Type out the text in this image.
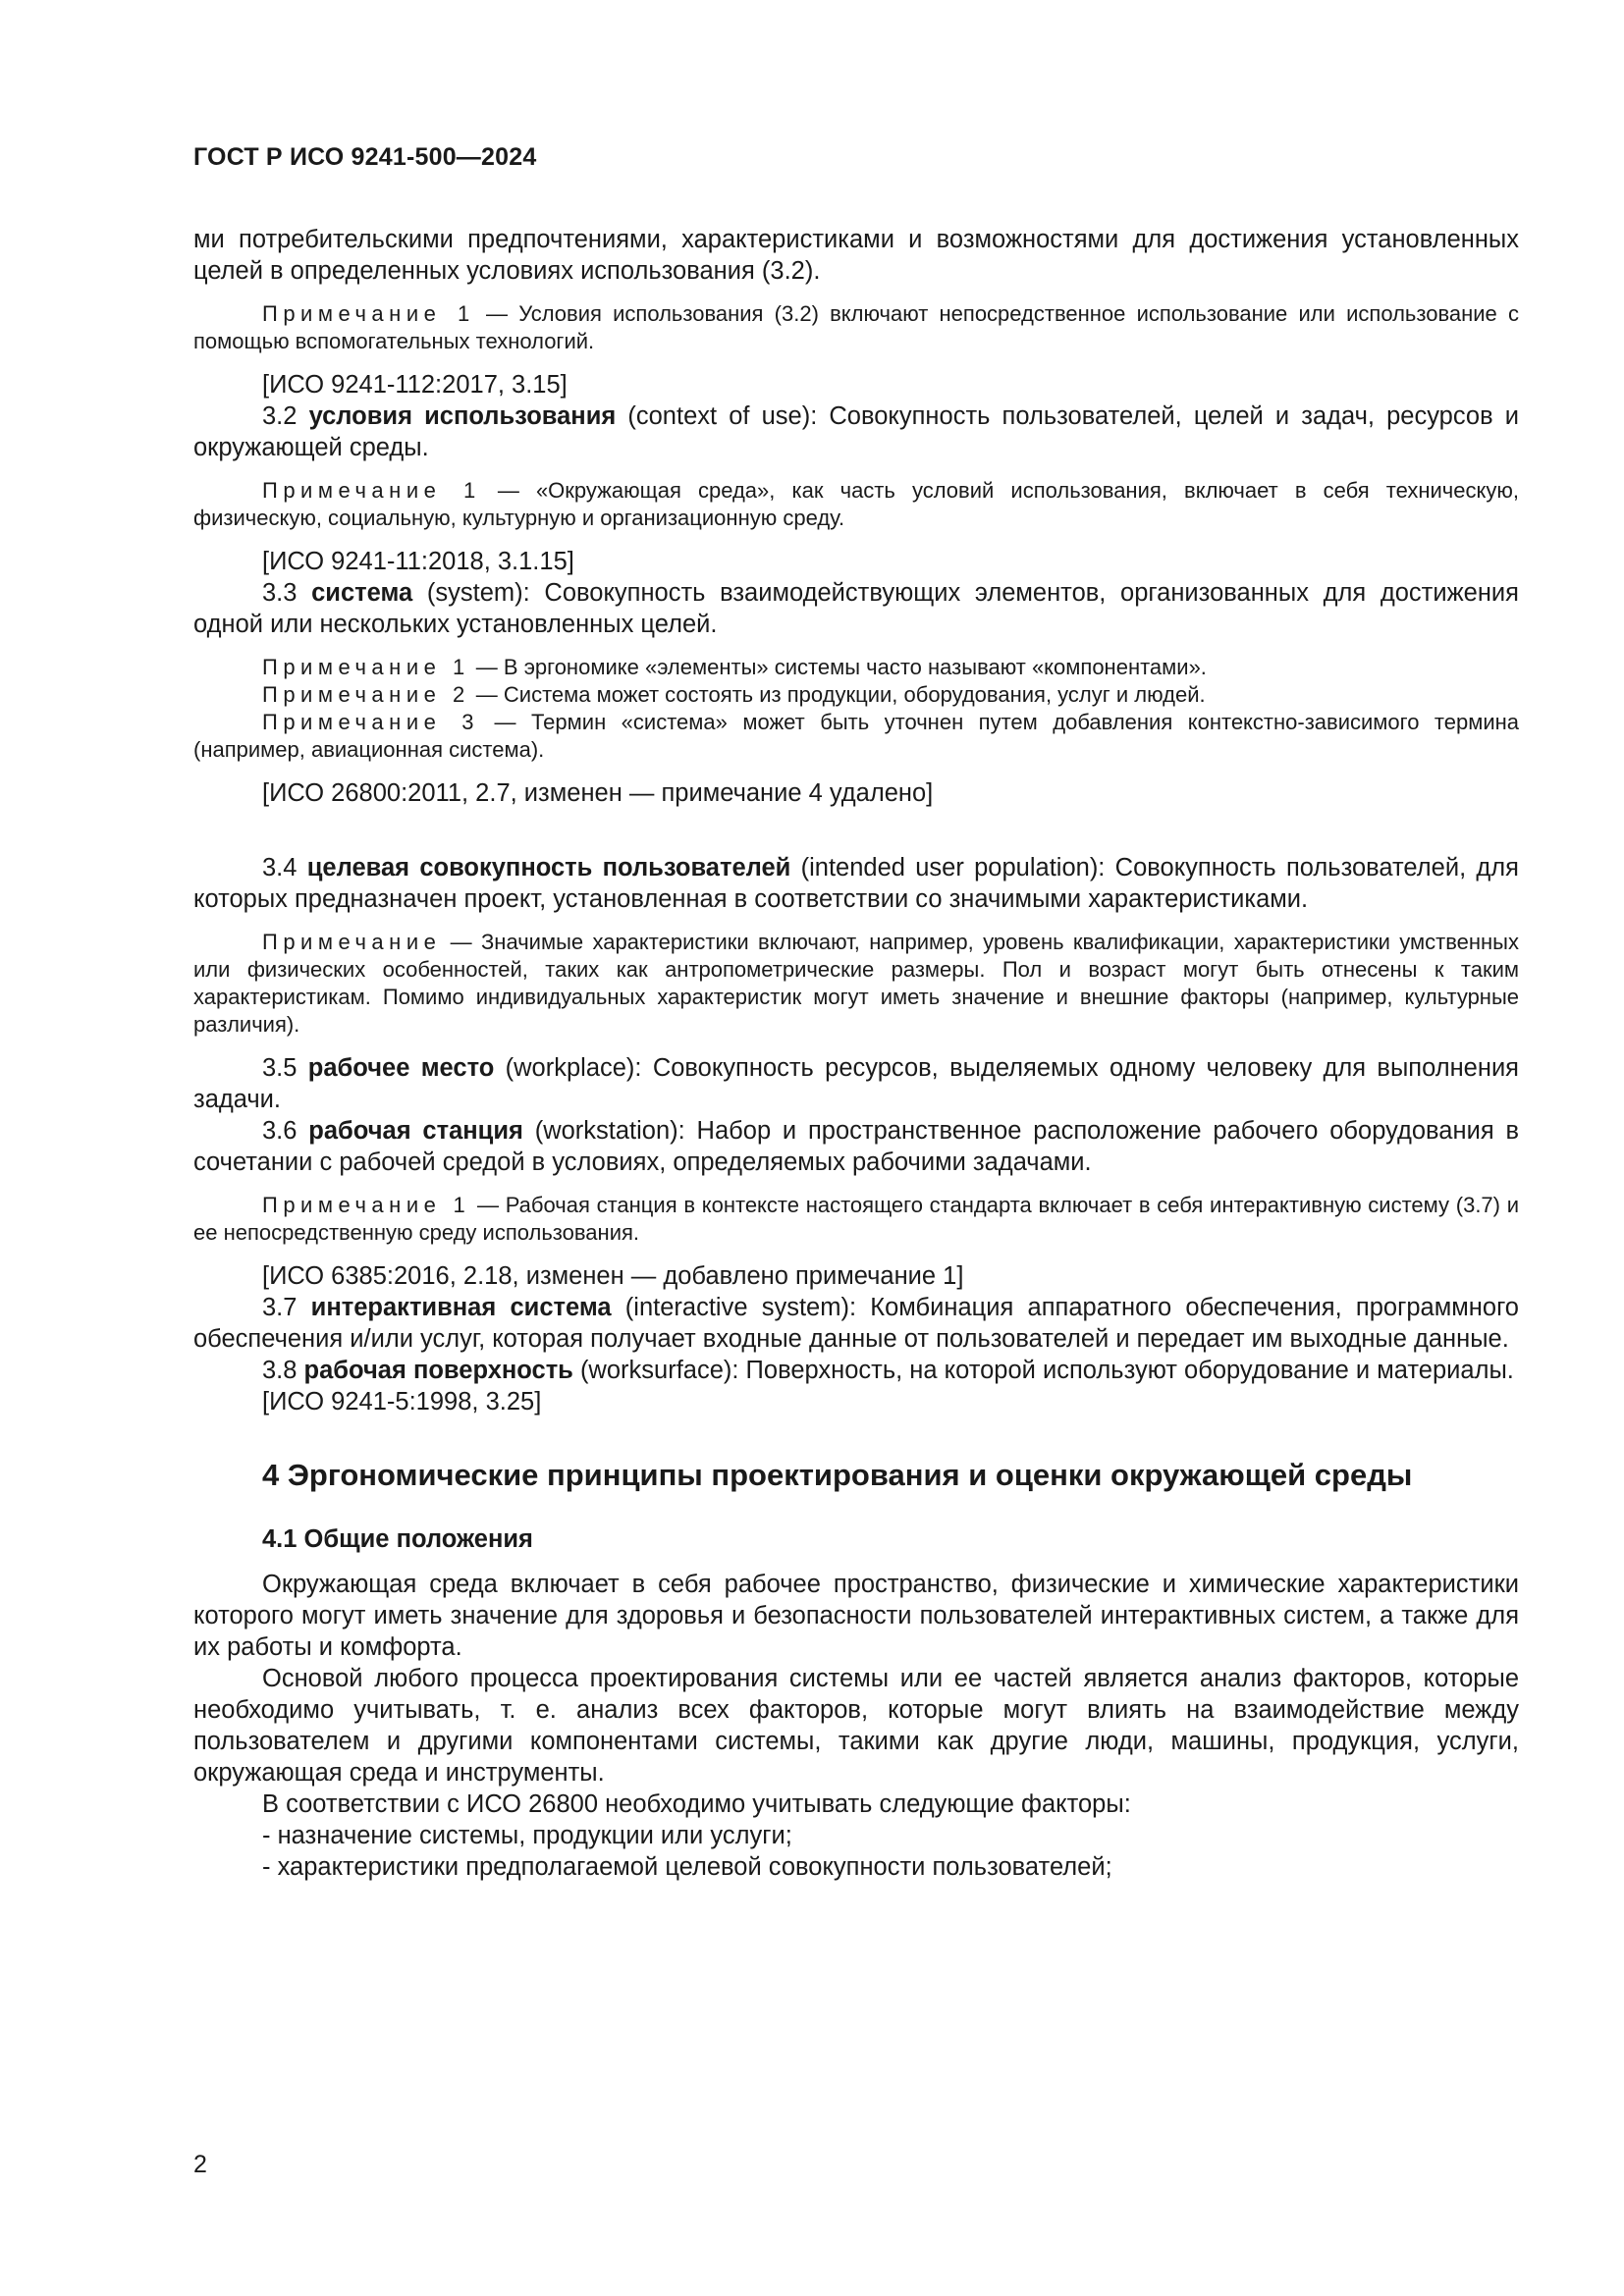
ГОСТ Р ИСО 9241-500—2024

ми потребительскими предпочтениями, характеристиками и возможностями для достижения установленных целей в определенных условиях использования (3.2).

Примечание 1 — Условия использования (3.2) включают непосредственное использование или использование с помощью вспомогательных технологий.

[ИСО 9241-112:2017, 3.15]

3.2 условия использования (context of use): Совокупность пользователей, целей и задач, ресурсов и окружающей среды.

Примечание 1 — «Окружающая среда», как часть условий использования, включает в себя техническую, физическую, социальную, культурную и организационную среду.

[ИСО 9241-11:2018, 3.1.15]

3.3 система (system): Совокупность взаимодействующих элементов, организованных для достижения одной или нескольких установленных целей.

Примечание 1 — В эргономике «элементы» системы часто называют «компонентами».

Примечание 2 — Система может состоять из продукции, оборудования, услуг и людей.

Примечание 3 — Термин «система» может быть уточнен путем добавления контекстно-зависимого термина (например, авиационная система).

[ИСО 26800:2011, 2.7, изменен — примечание 4 удалено]

3.4 целевая совокупность пользователей (intended user population): Совокупность пользователей, для которых предназначен проект, установленная в соответствии со значимыми характеристиками.

Примечание — Значимые характеристики включают, например, уровень квалификации, характеристики умственных или физических особенностей, таких как антропометрические размеры. Пол и возраст могут быть отнесены к таким характеристикам. Помимо индивидуальных характеристик могут иметь значение и внешние факторы (например, культурные различия).

3.5 рабочее место (workplace): Совокупность ресурсов, выделяемых одному человеку для выполнения задачи.

3.6 рабочая станция (workstation): Набор и пространственное расположение рабочего оборудования в сочетании с рабочей средой в условиях, определяемых рабочими задачами.

Примечание 1 — Рабочая станция в контексте настоящего стандарта включает в себя интерактивную систему (3.7) и ее непосредственную среду использования.

[ИСО 6385:2016, 2.18, изменен — добавлено примечание 1]

3.7 интерактивная система (interactive system): Комбинация аппаратного обеспечения, программного обеспечения и/или услуг, которая получает входные данные от пользователей и передает им выходные данные.

3.8 рабочая поверхность (worksurface): Поверхность, на которой используют оборудование и материалы.

[ИСО 9241-5:1998, 3.25]

4 Эргономические принципы проектирования и оценки окружающей среды
4.1 Общие положения

Окружающая среда включает в себя рабочее пространство, физические и химические характеристики которого могут иметь значение для здоровья и безопасности пользователей интерактивных систем, а также для их работы и комфорта.

Основой любого процесса проектирования системы или ее частей является анализ факторов, которые необходимо учитывать, т. е. анализ всех факторов, которые могут влиять на взаимодействие между пользователем и другими компонентами системы, такими как другие люди, машины, продукция, услуги, окружающая среда и инструменты.

В соответствии с ИСО 26800 необходимо учитывать следующие факторы:

- назначение системы, продукции или услуги;

- характеристики предполагаемой целевой совокупности пользователей;

2
